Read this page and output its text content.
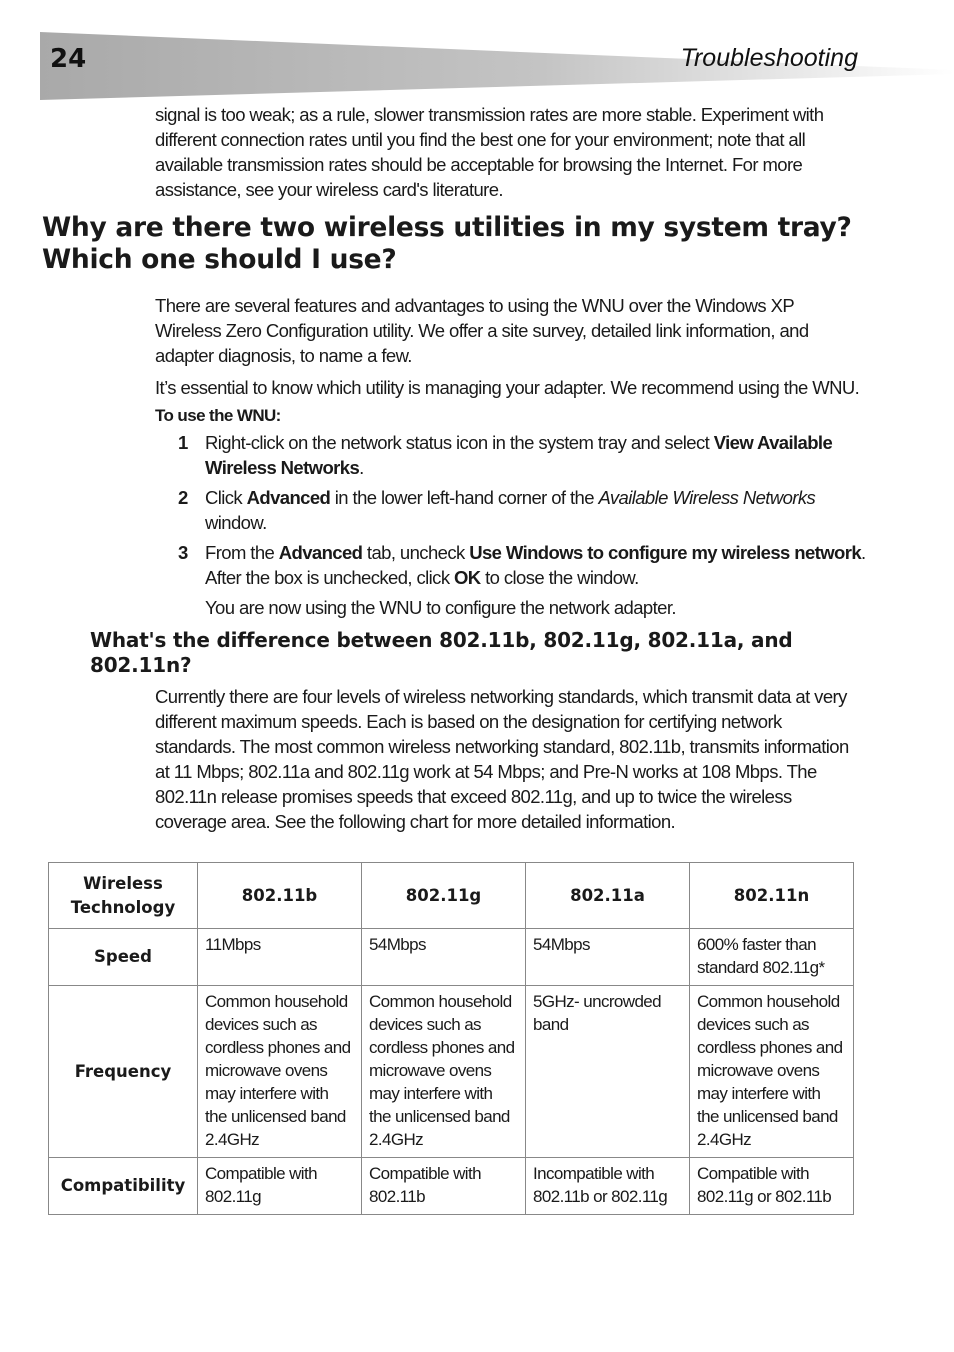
24	Troubleshooting

signal is too weak; as a rule, slower transmission rates are more stable. Experiment with different connection rates until you find the best one for your environment; note that all available transmission rates should be acceptable for browsing the Internet. For more assistance, see your wireless card's literature.

Why are there two wireless utilities in my system tray?
Which one should I use?

There are several features and advantages to using the WNU over the Windows XP Wireless Zero Configuration utility. We offer a site survey, detailed link information, and adapter diagnosis, to name a few.

It’s essential to know which utility is managing your adapter. We recommend using the WNU.

To use the WNU:
1 Right-click on the network status icon in the system tray and select View Available Wireless Networks.
2 Click Advanced in the lower left-hand corner of the Available Wireless Networks window.
3 From the Advanced tab, uncheck Use Windows to configure my wireless network. After the box is unchecked, click OK to close the window.
You are now using the WNU to configure the network adapter.
What's the difference between 802.11b, 802.11g, 802.11a, and
802.11n?

Currently there are four levels of wireless networking standards, which transmit data at very different maximum speeds. Each is based on the designation for certifying network standards. The most common wireless networking standard, 802.11b, transmits information at 11 Mbps; 802.11a and 802.11g work at 54 Mbps; and Pre-N works at 108 Mbps. The 802.11n release promises speeds that exceed 802.11g, and up to twice the wireless coverage area. See the following chart for more detailed information.

Wireless Technology	802.11b	802.11g	802.11a	802.11n
Speed	11Mbps	54Mbps	54Mbps	600% faster than standard 802.11g*
Frequency	Common household devices such as cordless phones and microwave ovens may interfere with the unlicensed band 2.4GHz	Common household devices such as cordless phones and microwave ovens may interfere with the unlicensed band 2.4GHz	5GHz- uncrowded band	Common household devices such as cordless phones and microwave ovens may interfere with the unlicensed band 2.4GHz
Compatibility	Compatible with 802.11g	Compatible with 802.11b	Incompatible with 802.11b or 802.11g	Compatible with 802.11g or 802.11b
